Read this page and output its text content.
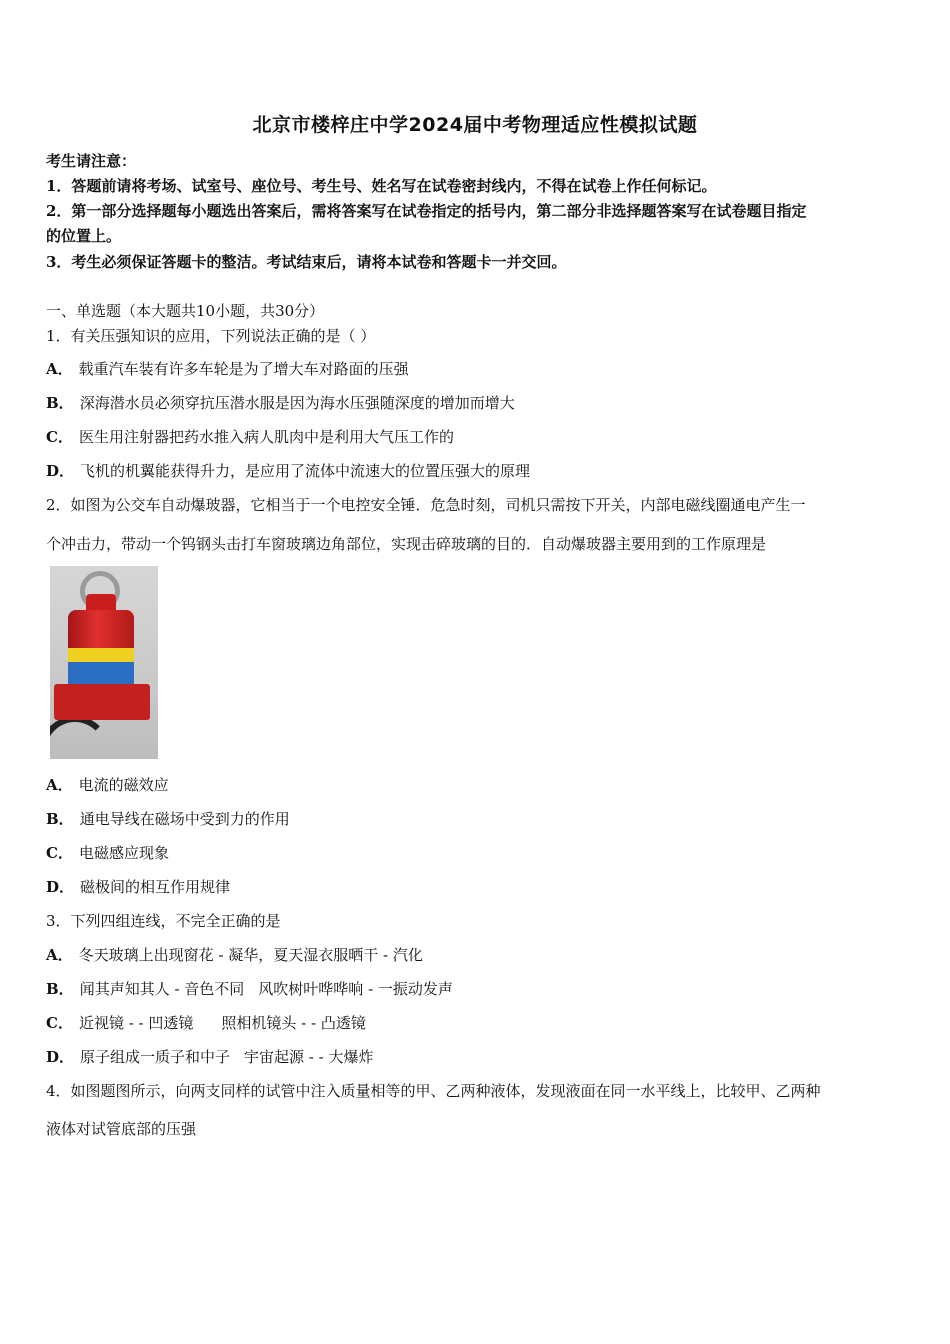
北京市楼梓庄中学2024届中考物理适应性模拟试题
考生请注意：
1．答题前请将考场、试室号、座位号、考生号、姓名写在试卷密封线内，不得在试卷上作任何标记。
2．第一部分选择题每小题选出答案后，需将答案写在试卷指定的括号内，第二部分非选择题答案写在试卷题目指定
的位置上。
3．考生必须保证答题卡的整洁。考试结束后，请将本试卷和答题卡一并交回。
一、单选题（本大题共10小题，共30分）
1．有关压强知识的应用，下列说法正确的是（ ）
A． 载重汽车装有许多车轮是为了增大车对路面的压强
B． 深海潜水员必须穿抗压潜水服是因为海水压强随深度的增加而增大
C． 医生用注射器把药水推入病人肌肉中是利用大气压工作的
D． 飞机的机翼能获得升力，是应用了流体中流速大的位置压强大的原理
2．如图为公交车自动爆玻器，它相当于一个电控安全锤．危急时刻，司机只需按下开关，内部电磁线圈通电产生一
个冲击力，带动一个钨钢头击打车窗玻璃边角部位，实现击碎玻璃的目的．自动爆玻器主要用到的工作原理是
A． 电流的磁效应
B． 通电导线在磁场中受到力的作用
C． 电磁感应现象
D． 磁极间的相互作用规律
3．下列四组连线，不完全正确的是
A． 冬天玻璃上出现窗花 - 凝华，夏天湿衣服晒干 - 汽化
B． 闻其声知其人 - 音色不同 风吹树叶哗哗响 - 一振动发声
C． 近视镜 - - 凹透镜 照相机镜头 - - 凸透镜
D． 原子组成一质子和中子 宇宙起源 - - 大爆炸
4．如图题图所示，向两支同样的试管中注入质量相等的甲、乙两种液体，发现液面在同一水平线上，比较甲、乙两种
液体对试管底部的压强
